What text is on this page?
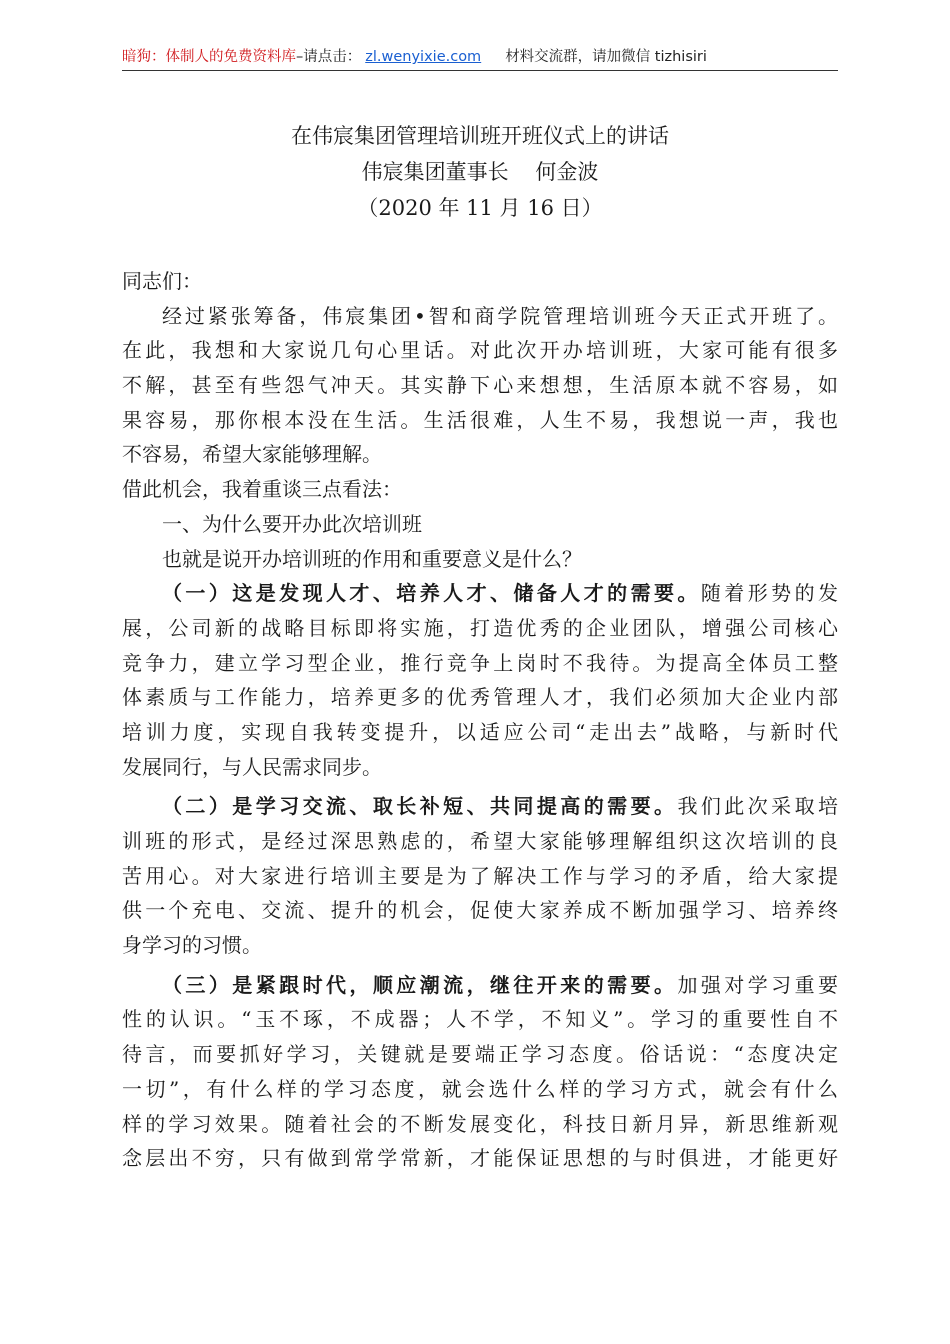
暗狗：体制人的免费资料库–请点击： zl.wenyixie.com 材料交流群，请加微信 tizhisiri
在伟宸集团管理培训班开班仪式上的讲话
伟宸集团董事长    何金波
（2020 年 11 月 16 日）
同志们：
经过紧张筹备，伟宸集团•智和商学院管理培训班今天正式开班了。
在此，我想和大家说几句心里话。对此次开办培训班，大家可能有很多
不解，甚至有些怨气冲天。其实静下心来想想，生活原本就不容易，如
果容易，那你根本没在生活。生活很难，人生不易，我想说一声，我也
不容易，希望大家能够理解。
借此机会，我着重谈三点看法：
一、为什么要开办此次培训班
也就是说开办培训班的作用和重要意义是什么？
（一）这是发现人才、培养人才、储备人才的需要。随着形势的发
展，公司新的战略目标即将实施，打造优秀的企业团队，增强公司核心
竞争力，建立学习型企业，推行竞争上岗时不我待。为提高全体员工整
体素质与工作能力，培养更多的优秀管理人才，我们必须加大企业内部
培训力度，实现自我转变提升，以适应公司“走出去”战略，与新时代
发展同行，与人民需求同步。
（二）是学习交流、取长补短、共同提高的需要。我们此次采取培
训班的形式，是经过深思熟虑的，希望大家能够理解组织这次培训的良
苦用心。对大家进行培训主要是为了解决工作与学习的矛盾，给大家提
供一个充电、交流、提升的机会，促使大家养成不断加强学习、培养终
身学习的习惯。
（三）是紧跟时代，顺应潮流，继往开来的需要。加强对学习重要
性的认识。“玉不琢，不成器；人不学，不知义”。学习的重要性自不
待言，而要抓好学习，关键就是要端正学习态度。俗话说：“态度决定
一切”，有什么样的学习态度，就会选什么样的学习方式，就会有什么
样的学习效果。随着社会的不断发展变化，科技日新月异，新思维新观
念层出不穷，只有做到常学常新，才能保证思想的与时俱进，才能更好
